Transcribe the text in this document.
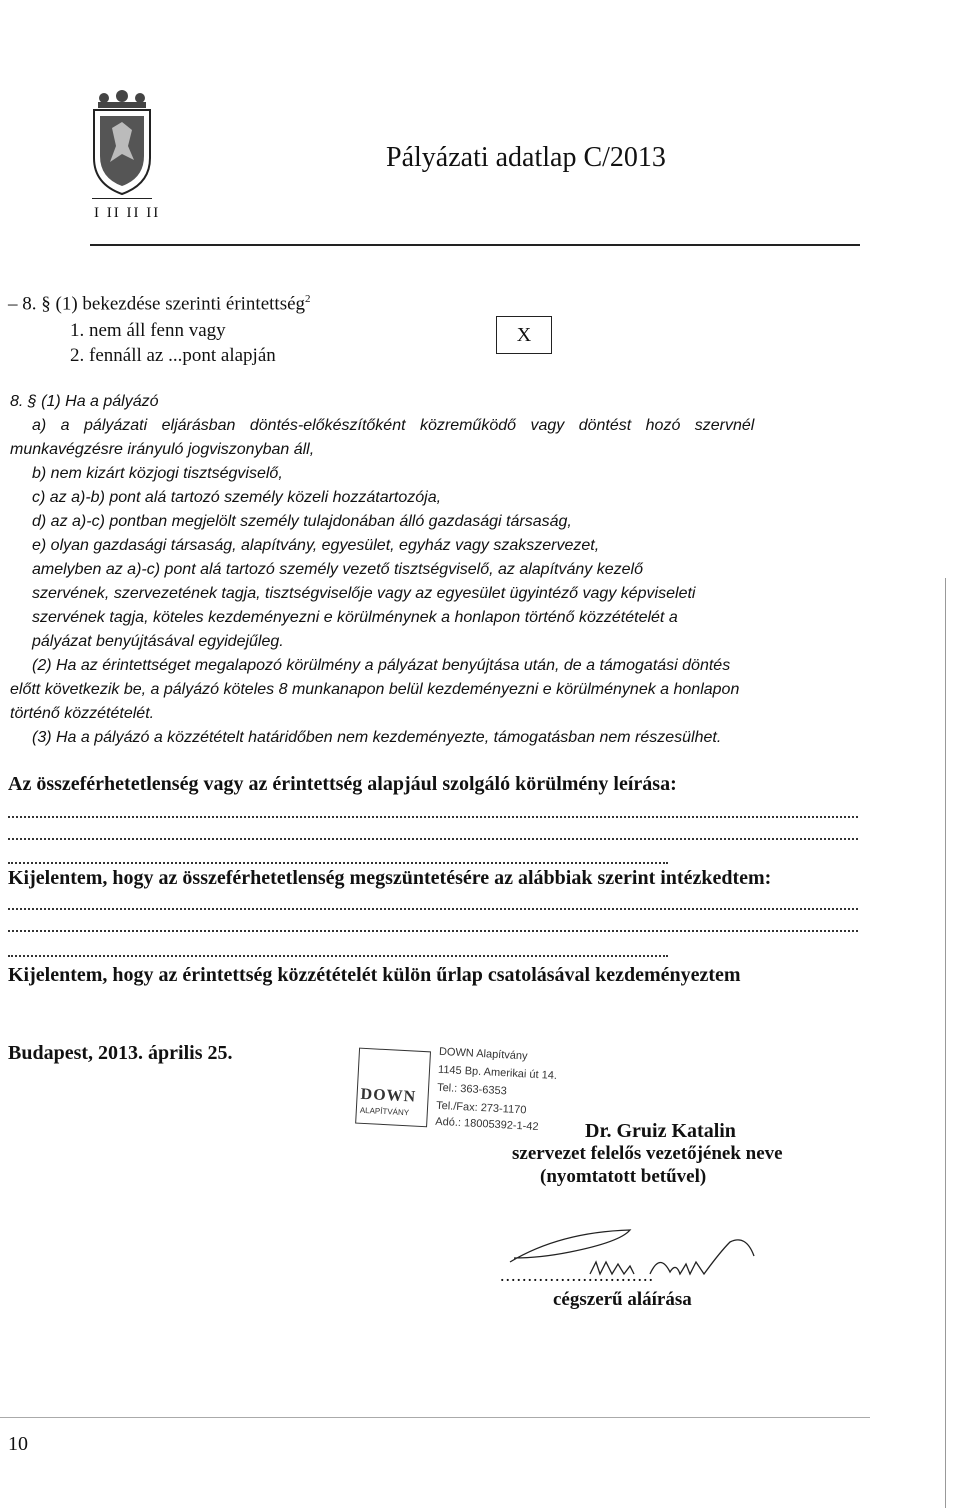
I II II II
Pályázati adatlap C/2013
– 8. § (1) bekezdése szerinti érintettség$^2$
1. nem áll fenn vagy
2. fennáll az ...pont alapján
X
8. § (1) Ha a pályázó
a) a pályázati eljárásban döntés-előkészítőként közreműködő vagy döntést hozó szervnél
munkavégzésre irányuló jogviszonyban áll,
b) nem kizárt közjogi tisztségviselő,
c) az a)-b) pont alá tartozó személy közeli hozzátartozója,
d) az a)-c) pontban megjelölt személy tulajdonában álló gazdasági társaság,
e) olyan gazdasági társaság, alapítvány, egyesület, egyház vagy szakszervezet,
amelyben az a)-c) pont alá tartozó személy vezető tisztségviselő, az alapítvány kezelő
szervének, szervezetének tagja, tisztségviselője vagy az egyesület ügyintéző vagy képviseleti
szervének tagja, köteles kezdeményezni e körülménynek a honlapon történő közzétételét a
pályázat benyújtásával egyidejűleg.
(2) Ha az érintettséget megalapozó körülmény a pályázat benyújtása után, de a támogatási döntés
előtt következik be, a pályázó köteles 8 munkanapon belül kezdeményezni e körülménynek a honlapon
történő közzétételét.
(3) Ha a pályázó a közzétételt határidőben nem kezdeményezte, támogatásban nem részesülhet.
Az összeférhetetlenség vagy az érintettség alapjául szolgáló körülmény leírása:
Kijelentem, hogy az összeférhetetlenség megszüntetésére az alábbiak szerint intézkedtem:
Kijelentem, hogy az érintettség közzétételét külön űrlap csatolásával kezdeményeztem
Budapest, 2013. április 25.
DOWN
ALAPÍTVÁNY
DOWN Alapítvány
1145 Bp. Amerikai út 14.
Tel.: 363-6353
Tel./Fax: 273-1170
Adó.: 18005392-1-42 Dr. Gruiz Katalin
szervezet felelős vezetőjének neve
(nyomtatott betűvel)
............................
cégszerű aláírása
10
